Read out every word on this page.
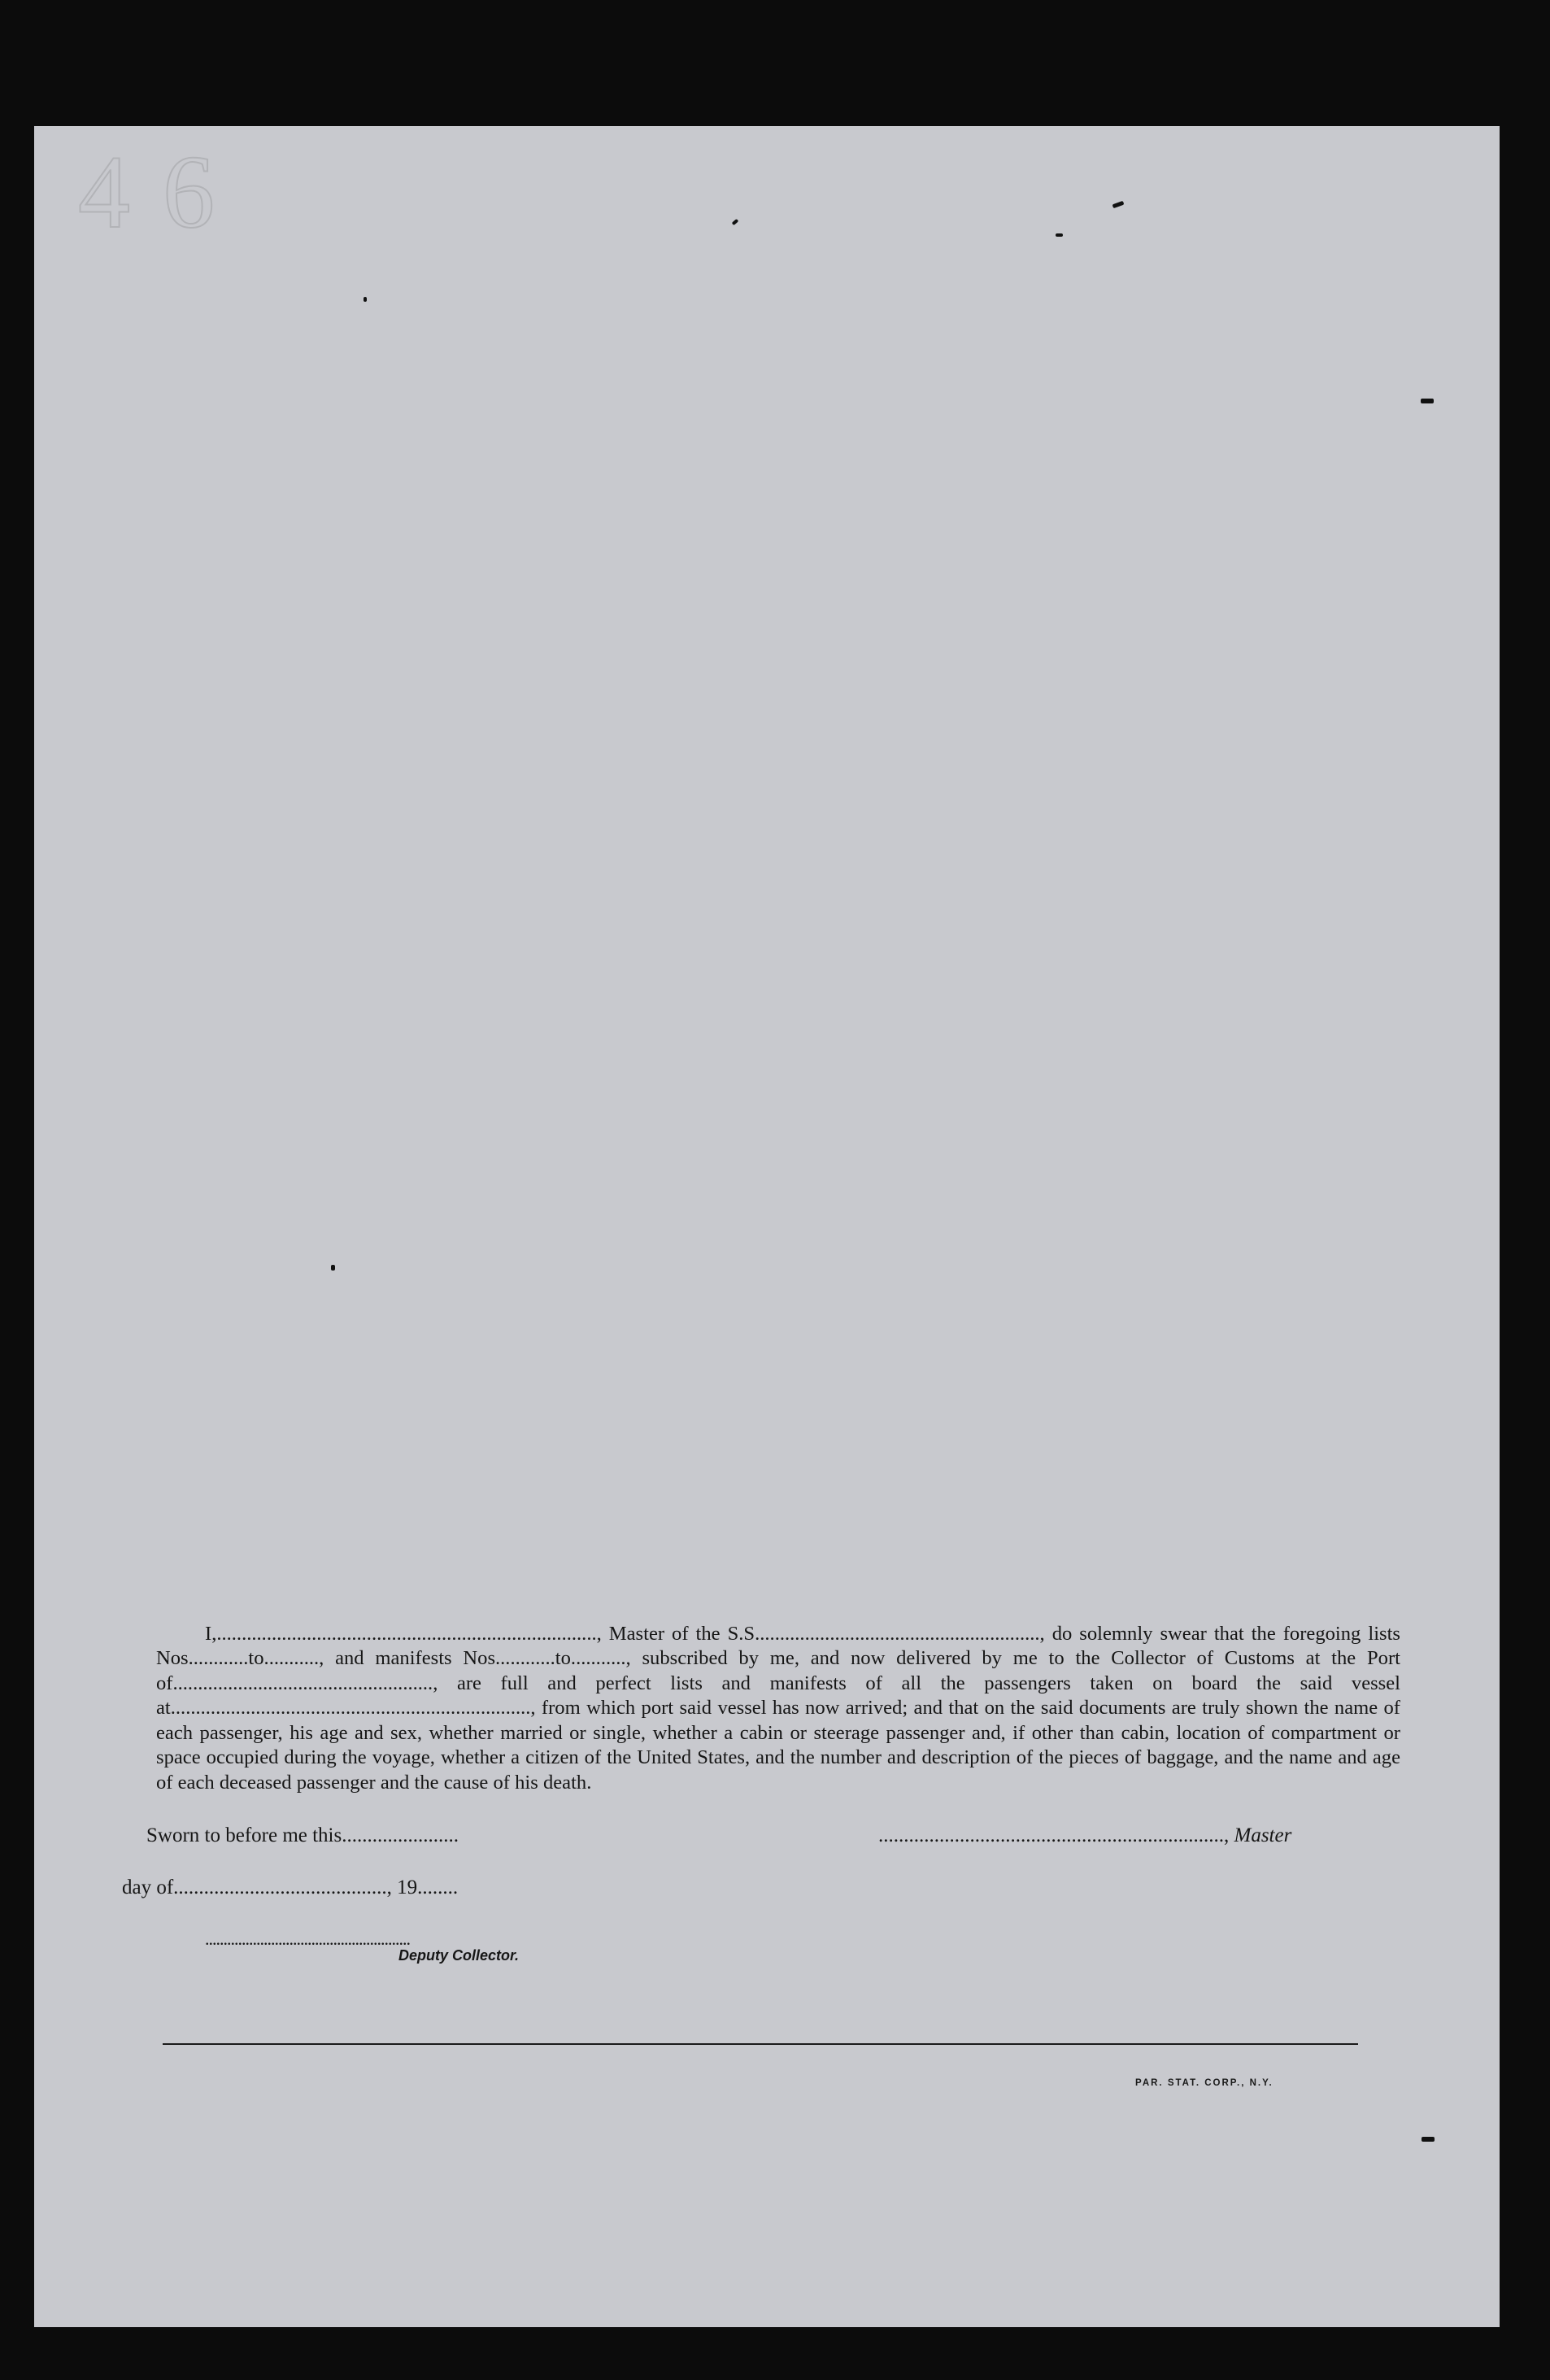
46

I,............................................................................, Master of the S.S........................................................., do solemnly swear that the foregoing lists Nos............to..........., and manifests Nos............to..........., subscribed by me, and now delivered by me to the Collector of Customs at the Port of...................................................., are full and perfect lists and manifests of all the passengers taken on board the said vessel at........................................................................, from which port said vessel has now arrived; and that on the said documents are truly shown the name of each passenger, his age and sex, whether married or single, whether a cabin or steerage passenger and, if other than cabin, location of compartment or space occupied during the voyage, whether a citizen of the United States, and the number and description of the pieces of baggage, and the name and age of each deceased passenger and the cause of his death.

Sworn to before me this.......................	...................................................................., Master
day of.........................................., 19........
........................................................
Deputy Collector.
PAR. STAT. CORP., N.Y.
